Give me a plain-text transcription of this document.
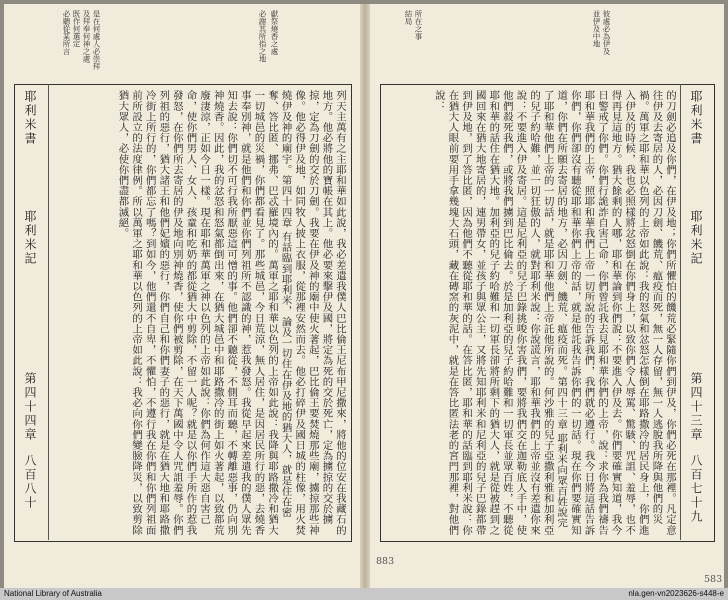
是在何處人必崇拜
及拜奉何神之處
既作何選定
必聽從某所言	獻祭燒香之處
必謝其所指之地
耶利米書
耶利米記
第四十四章
八百八十	列天主萬有之主耶和華如此說，我必差遣我僕人巴比倫王尼布甲尼撒來，將他的位安在我藏石的地方。他必將他的寶帳在其上。他必要來擊伊及國，將定為死的交於死亡，定為擄掠的交於擄掠，定為刀劍的交於刀劍。我要在伊及神的廟中使火著起，巴比倫王要焚燒那些廟，擄掠那些神像。他必得伊及地，如同牧人披上衣服，從那裡安然而去。他必打碎伊及國日城的柱像，用火焚燒伊及神的廟宇。第四十四章 有話臨到耶利米，論及一切住在伊及地的猶大人，就是住在密奪、答比匿、挪弗、巴忒羅境內的。萬軍之耶和華以色列的上帝如此說：我降與耶路撒冷和猶大一切城邑的災禍，你們都看見了。那些城邑，今日荒涼，無人居住，是因居民所行的惡，去燒香事奉別神，就是他們和你們並你們列祖所不認識的神，惹我發怒。我從早起來差遣我的僕人眾先知去說：你們切不可行我所厭惡這可憎的事。他們卻不聽從，不側耳而聽，不轉離惡事，仍向別神燒香。因此，我的忿怒和怒氣都倒出來，在猶大城邑中和耶路撒冷的街上如火著起，以致都荒廢淒涼，正如今日一樣。現在耶和華萬軍之神以色列的上帝如此說：你們為何作這大惡自害己命，使你們男人、女人、孩童和吃奶的都從猶大中剪除，不留一人呢？就是以你們手所作的惹我發怒，在你們所去寄居的伊及地向別神燒香，使你們被剪除，在天下萬國中令人咒詛羞辱。你們列祖的惡行，猶大諸王和他們妃嬪的惡行，你們自己和你們妻子的惡行，就是在猶大地和耶路撒冷街上所行的，你們都忘了嗎？到如今，他們還不自卑，不懼怕，不遵行我在你們和你們列祖面前所設立的法度律例。所以萬軍之耶和華以色列的上帝如此說：我必向你們變臉降災，以致剪除猶大眾人，必使你們盡都滅絕。
彼處必為伊及
並伊及中地
所在之事
結局
耶利米書
耶利米記
第四十三章
八百七十九
的刀劍必追及你們，在伊及地；你們所懼怕的饑荒必緊隨你們到伊及，你們必死在那裡。凡定意往伊及去寄居的人，必因刀劍、饑荒、瘟疫而死，無一人存留，無一人逃脫我所降與他們的災禍。萬軍之耶和華以色列的上帝如此說：我的怒氣和忿怒怎樣倒在耶路撒冷的居民身上，你們進入伊及的時候，我也必照樣將忿怒倒在你們身上，以致你們令人辱罵、驚駭、咒詛、羞辱，也不得再見這地方。猶大餘剩的人哪，耶和華論到你們說：不要進入伊及去。你們要確實知道，我今日警戒了你們。你們行詭詐自害己命，你們曾託我去見耶和華你們的上帝，說：求你為我們禱告耶和華我們的上帝，照耶和華我們上帝一切所說的告訴我們，我們就必遵行。我今日將這話告訴你們，你們卻沒有聽從耶和華你們上帝的話，就是他託我告訴你們的一切話。現在你們要確實知道，你們在所願去寄居的地方，必因刀劍、饑荒、瘟疫而死。第四十三章 耶利米向眾百姓說完了耶和華他們上帝的一切話，就是耶和華他們上帝託他所說的。何沙雅的兒子亞撒利雅和加利亞的兒子約哈難，並一切狂傲的人，就對耶利米說：你說謊言，耶和華我們的上帝並沒有差遣你來說：不要進入伊及寄居。這是尼利亞的兒子巴錄挑唆你害我們，要將我們交在迦勒底人手中，使他們殺死我們，或將我們擄到巴比倫去。於是加利亞的兒子約哈難和一切軍長並眾百姓，不聽從耶和華的話住在猶大地。加利亞的兒子約哈難和一切軍長卻將所剩下的猶大人，就是從被趕到之國回來在猶大地寄居的，連男帶女，並孩子與眾公主，又將先知耶利米和尼利亞的兒子巴錄都帶到伊及地，到了答比匿，因為他們不聽從耶和華的話。在答比匿，耶和華的話臨到耶利米說：你在猶大人眼前要用手拿幾塊大石頭，藏在磚窯的灰泥中，就是在答比匿法老的宮門那裡，對他們說：
883
583
National Library of Australia	nla.gen-vn2023626-s448-e
